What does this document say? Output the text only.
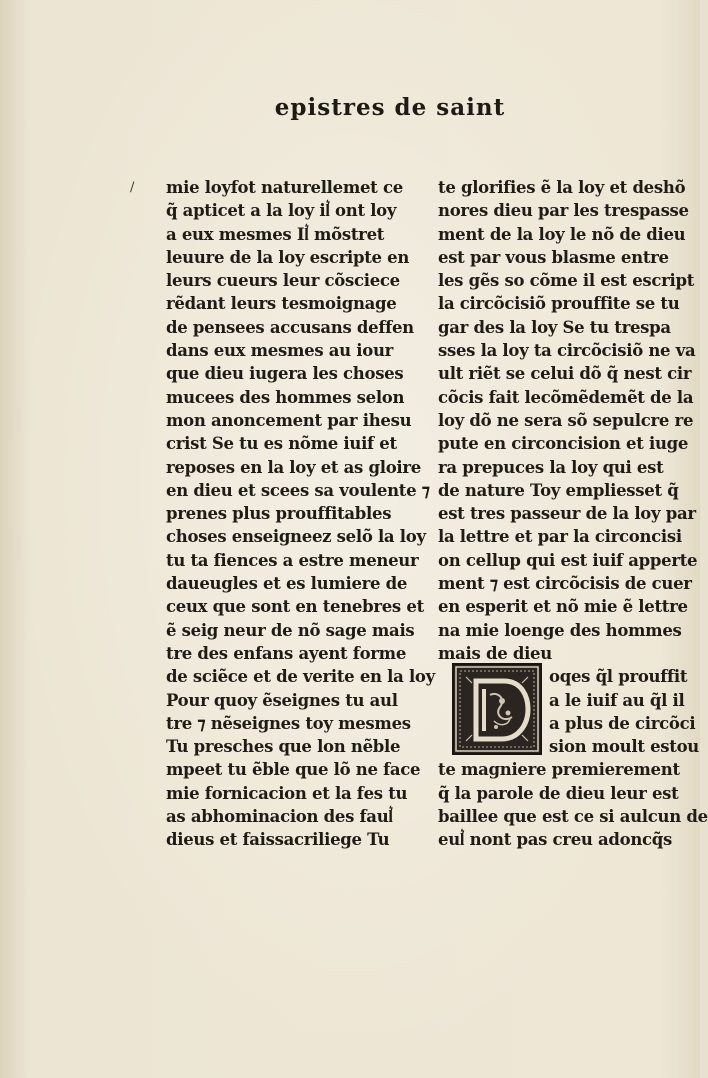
epistres de saint
/ mie loyfot naturellemet ce
q̃ apticet a la loy il͛ ont loy
a eux mesmes Il͛ mõstret
leuure de la loy escripte en
leurs cueurs leur cõsciece
rẽdant leurs tesmoignage
de pensees accusans deffen
dans eux mesmes au iour
que dieu iugera les choses
mucees des hommes selon
mon anoncement par ihesu
crist Se tu es nõme iuif et
reposes en la loy et as gloire
en dieu et scees sa voulente ⁊
prenes plus prouffitables
choses enseigneez selõ la loy
tu ta fiences a estre meneur
daueugles et es lumiere de
ceux que sont en tenebres et
ẽ seig neur de nõ sage mais
tre des enfans ayent forme
de sciẽce et de verite en la loy
Pour quoy ẽseignes tu aul
tre ⁊ nẽseignes toy mesmes
Tu presches que lon nẽble
mpeet tu ẽble que lõ ne face
mie fornicacion et la fes tu
as abhominacion des faul͛
dieus et faissacriliege Tu
te glorifies ẽ la loy et deshõ
nores dieu par les trespasse
ment de la loy le nõ de dieu
est par vous blasme entre
les gẽs so cõme il est escript
la circõcisiõ prouffite se tu
gar des la loy Se tu trespa
sses la loy ta circõcisiõ ne va
ult riẽt se celui dõ q̃ nest cir
cõcis fait lecõmẽdemẽt de la
loy dõ ne sera sõ sepulcre re
pute en circoncision et iuge
ra prepuces la loy qui est
de nature Toy empliesset q̃
est tres passeur de la loy par
la lettre et par la circoncisi
on cellup qui est iuif apperte
ment ⁊ est circõcisis de cuer
en esperit et nõ mie ẽ lettre
na mie loenge des hommes
mais de dieu
oqes q̃l prouffit
a le iuif au q̃l il
a plus de circõci
sion moult estou
te magniere premierement
q̃ la parole de dieu leur est
baillee que est ce si aulcun de
eul͛ nont pas creu adoncq̃s
